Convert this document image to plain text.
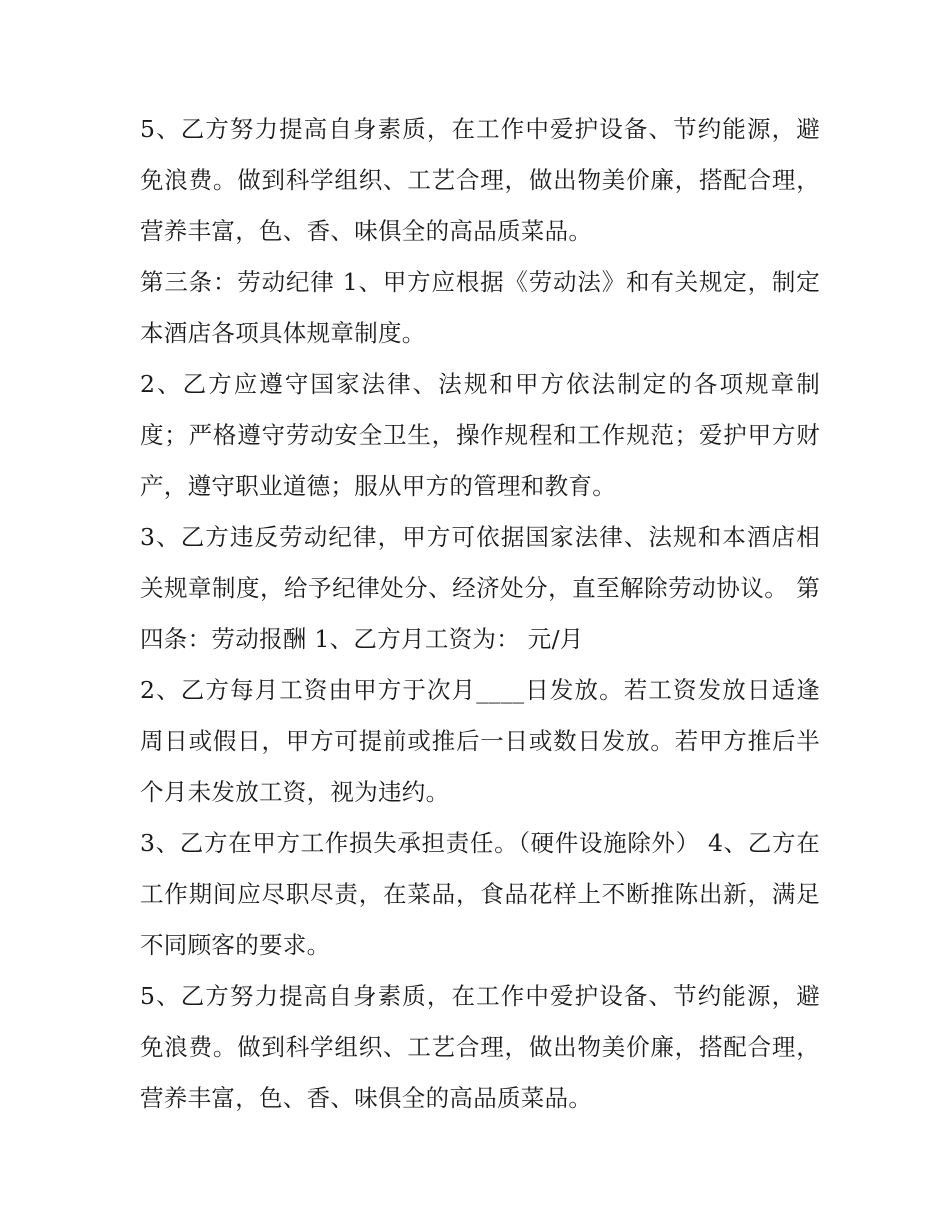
5、乙方努力提高自身素质，在工作中爱护设备、节约能源，避免浪费。做到科学组织、工艺合理，做出物美价廉，搭配合理，营养丰富，色、香、味俱全的高品质菜品。

第三条：劳动纪律 1、甲方应根据《劳动法》和有关规定，制定本酒店各项具体规章制度。

2、乙方应遵守国家法律、法规和甲方依法制定的各项规章制度；严格遵守劳动安全卫生，操作规程和工作规范；爱护甲方财产，遵守职业道德；服从甲方的管理和教育。

3、乙方违反劳动纪律，甲方可依据国家法律、法规和本酒店相关规章制度，给予纪律处分、经济处分，直至解除劳动协议。 第四条：劳动报酬 1、乙方月工资为： 元/月

2、乙方每月工资由甲方于次月____日发放。若工资发放日适逢周日或假日，甲方可提前或推后一日或数日发放。若甲方推后半个月未发放工资，视为违约。

3、乙方在甲方工作损失承担责任。（硬件设施除外） 4、乙方在工作期间应尽职尽责，在菜品，食品花样上不断推陈出新，满足不同顾客的要求。

5、乙方努力提高自身素质，在工作中爱护设备、节约能源，避免浪费。做到科学组织、工艺合理，做出物美价廉，搭配合理，营养丰富，色、香、味俱全的高品质菜品。
